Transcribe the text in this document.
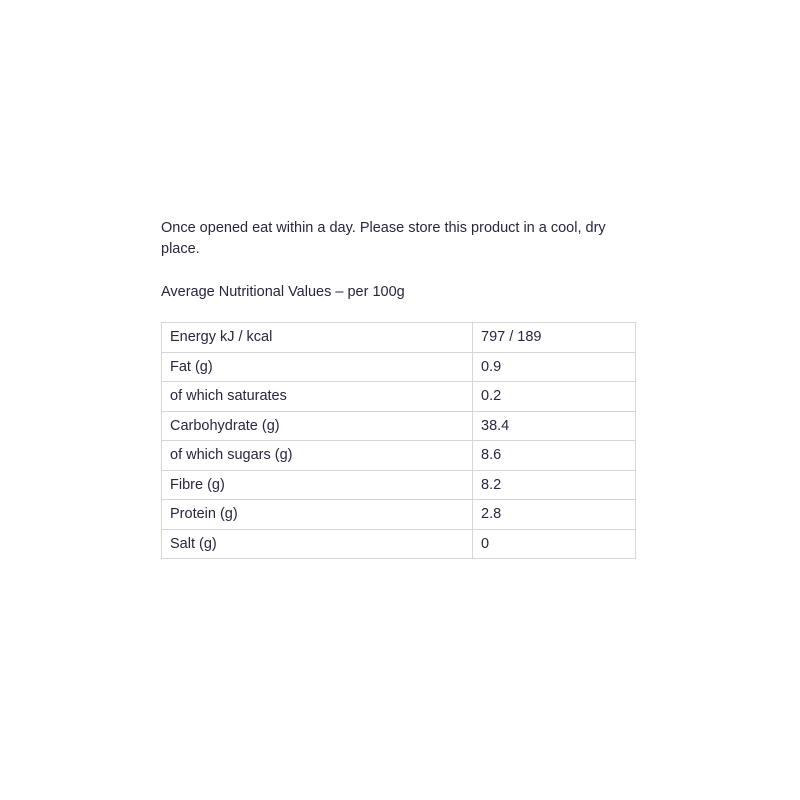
Once opened eat within a day. Please store this product in a cool, dry place.

Average Nutritional Values – per 100g

Energy kJ / kcal	797 / 189
Fat (g)	0.9
of which saturates	0.2
Carbohydrate (g)	38.4
of which sugars (g)	8.6
Fibre (g)	8.2
Protein (g)	2.8
Salt (g)	0
